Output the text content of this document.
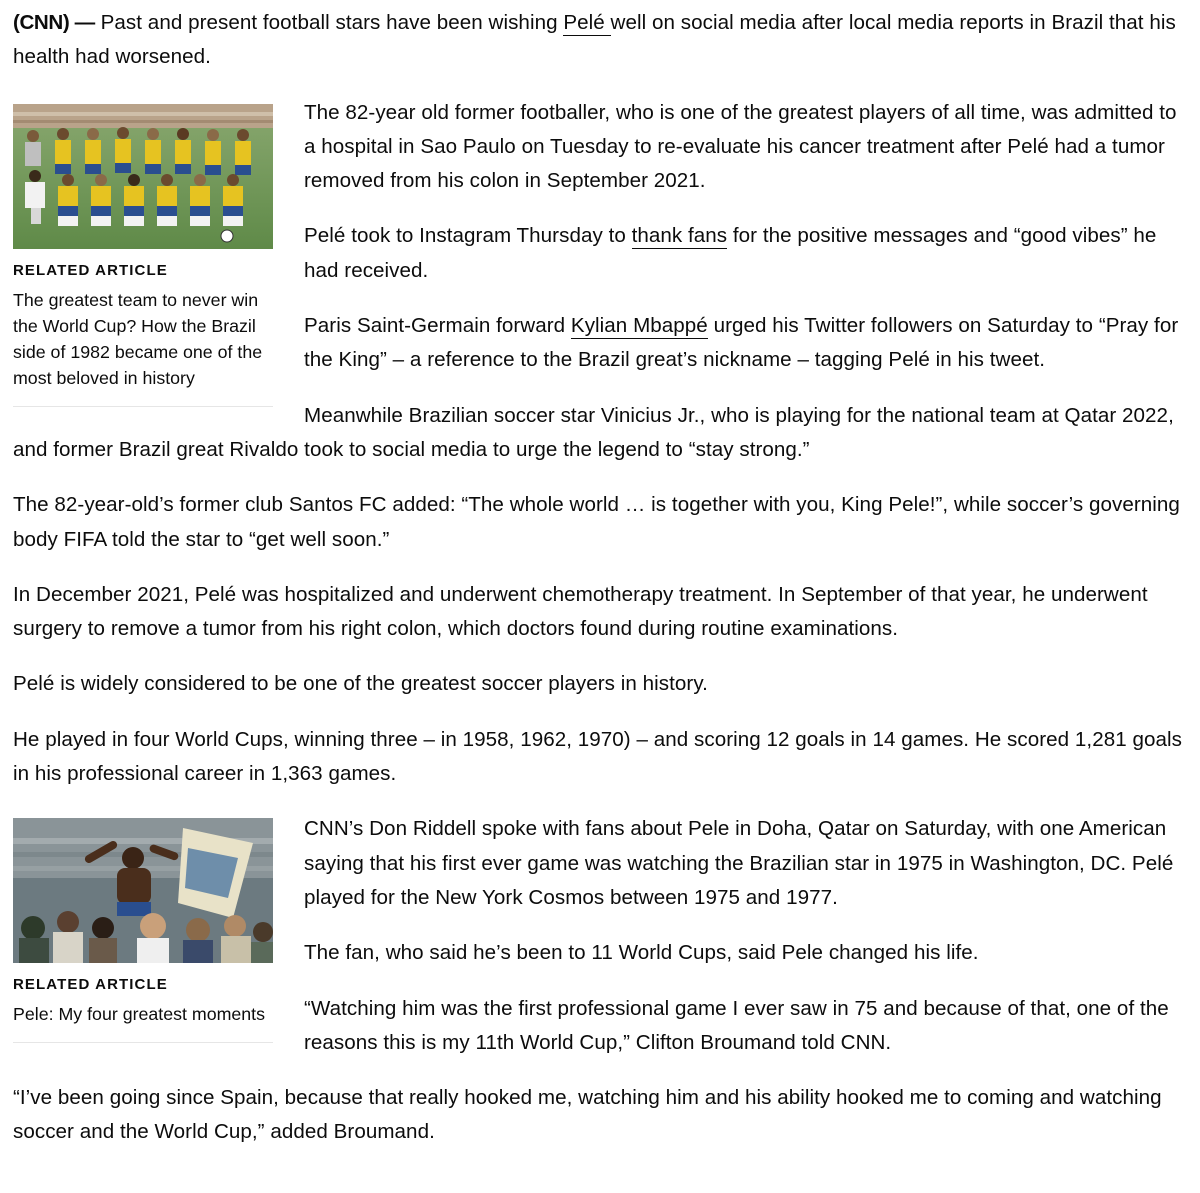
(CNN) — Past and present football stars have been wishing Pelé well on social media after local media reports in Brazil that his health had worsened.

RELATED ARTICLE
The greatest team to never win the World Cup? How the Brazil side of 1982 became one of the most beloved in history

The 82-year old former footballer, who is one of the greatest players of all time, was admitted to a hospital in Sao Paulo on Tuesday to re-evaluate his cancer treatment after Pelé had a tumor removed from his colon in September 2021.

Pelé took to Instagram Thursday to thank fans for the positive messages and “good vibes” he had received.

Paris Saint-Germain forward Kylian Mbappé urged his Twitter followers on Saturday to “Pray for the King” – a reference to the Brazil great’s nickname – tagging Pelé in his tweet.

Meanwhile Brazilian soccer star Vinicius Jr., who is playing for the national team at Qatar 2022, and former Brazil great Rivaldo took to social media to urge the legend to “stay strong.”

The 82-year-old’s former club Santos FC added: “The whole world … is together with you, King Pele!”, while soccer’s governing body FIFA told the star to “get well soon.”

In December 2021, Pelé was hospitalized and underwent chemotherapy treatment. In September of that year, he underwent surgery to remove a tumor from his right colon, which doctors found during routine examinations.

Pelé is widely considered to be one of the greatest soccer players in history.

He played in four World Cups, winning three – in 1958, 1962, 1970) – and scoring 12 goals in 14 games. He scored 1,281 goals in his professional career in 1,363 games.

RELATED ARTICLE
Pele: My four greatest moments

CNN’s Don Riddell spoke with fans about Pele in Doha, Qatar on Saturday, with one American saying that his first ever game was watching the Brazilian star in 1975 in Washington, DC. Pelé played for the New York Cosmos between 1975 and 1977.

The fan, who said he’s been to 11 World Cups, said Pele changed his life.

“Watching him was the first professional game I ever saw in 75 and because of that, one of the reasons this is my 11th World Cup,” Clifton Broumand told CNN.

“I’ve been going since Spain, because that really hooked me, watching him and his ability hooked me to coming and watching soccer and the World Cup,” added Broumand.
